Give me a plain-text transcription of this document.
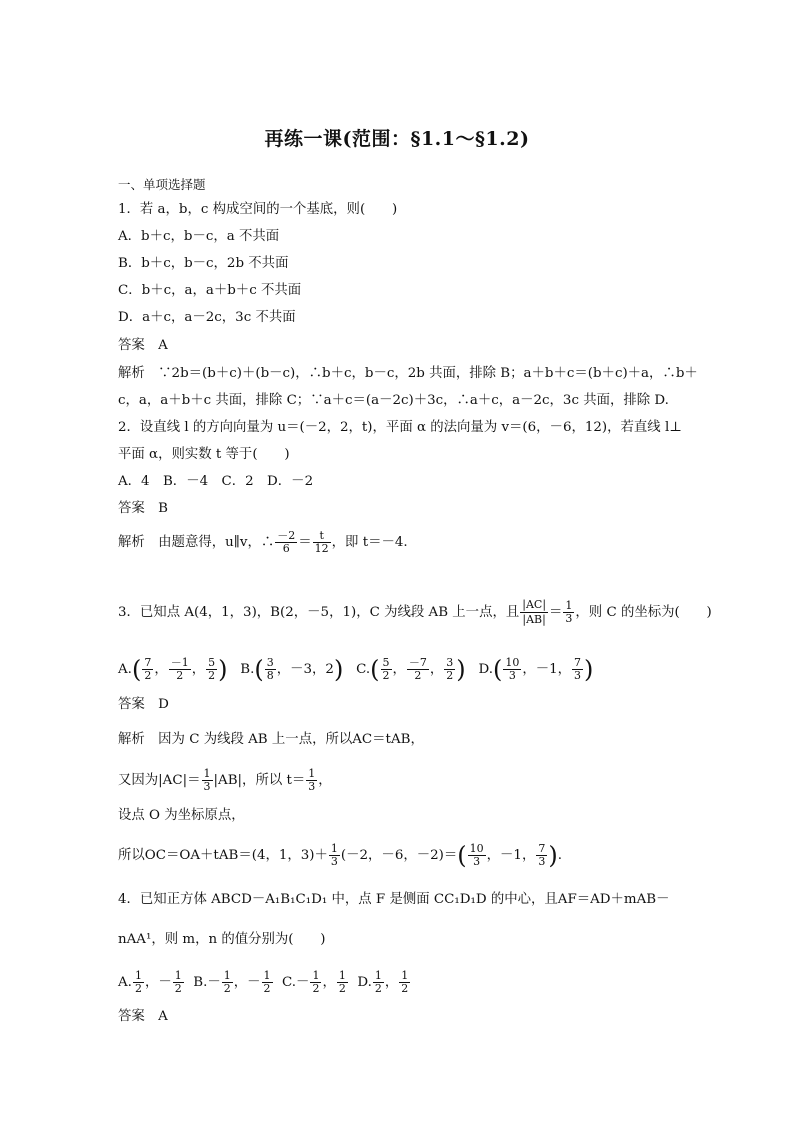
再练一课(范围：§1.1～§1.2)
一、单项选择题
1．若 a，b，c 构成空间的一个基底，则(　　)
A．b＋c，b－c，a 不共面
B．b＋c，b－c，2b 不共面
C．b＋c，a，a＋b＋c 不共面
D．a＋c，a－2c，3c 不共面
答案　A
解析　∵2b＝(b＋c)＋(b－c)，∴b＋c，b－c，2b 共面，排除 B；a＋b＋c＝(b＋c)＋a，∴b＋
c，a，a＋b＋c 共面，排除 C；∵a＋c＝(a－2c)＋3c，∴a＋c，a－2c，3c 共面，排除 D.
2．设直线 l 的方向向量为 u＝(－2，2，t)，平面 α 的法向量为 v＝(6，－6，12)，若直线 l⊥
平面 α，则实数 t 等于(　　)
A．4　B．－4　C．2　D．－2
答案　B
解析　由题意得，u∥v，∴ $\frac{-2}{6} = \frac{t}{12}$ ，即 t＝－4.
3．已知点 A(4，1，3)，B(2，－5，1)，C 为线段 AB 上一点，且 $\frac{|AC|}{|AB|} = \frac{1}{3}$ ，则 C 的坐标为(　　)
$A.( \frac{7}{2}$ ， $\frac{-1}{2}$ ， $\frac{5}{2}$ ) $B.( \frac{3}{8}$ ，－3，2) $C.( \frac{5}{2}$ ， $\frac{-7}{2}$ ， $\frac{3}{2}$ ) $D.( \frac{10}{3}$ ，－1， $\frac{7}{3}$ )
答案　D
解析　因为 C 为线段 AB 上一点，所以AC＝tAB，
又因为$|AC|= \frac{1}{3} |AB|$，所以 $t= \frac{1}{3}$ ，
设点 O 为坐标原点，
所以OC＝OA＋tAB＝(4，1，$3)+ \frac{1}{3} (-2$，－6，$-2)=( \frac{10}{3}$ ，－1， $\frac{7}{3}$ ).
4．已知正方体 ABCD－A₁B₁C₁D₁ 中，点 F 是侧面 CC₁D₁D 的中心，且AF＝AD＋mAB－
nAA¹，则 m，n 的值分别为(　　)
A. $\frac{1}{2}$ ，－ $\frac{1}{2} B.- \frac{1}{2}$ ，－ $\frac{1}{2} C.- \frac{1}{2}$ ， $\frac{1}{2} D$. $\frac{1}{2}$ ， $\frac{1}{2}$
答案　A
